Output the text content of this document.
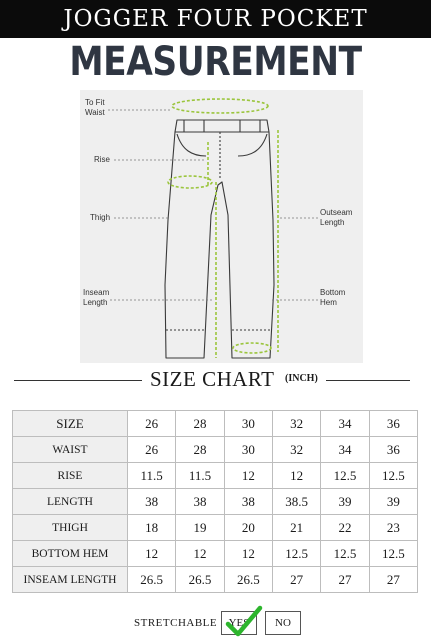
JOGGER FOUR POCKET
MEASUREMENT
To Fit
Waist
Rise
Thigh
Inseam
Length
Outseam
Length
Bottom
Hem
SIZE CHART (INCH)
SIZE	26	28	30	32	34	36
WAIST	26	28	30	32	34	36
RISE	11.5	11.5	12	12	12.5	12.5
LENGTH	38	38	38	38.5	39	39
THIGH	18	19	20	21	22	23
BOTTOM HEM	12	12	12	12.5	12.5	12.5
INSEAM LENGTH	26.5	26.5	26.5	27	27	27
STRETCHABLE YES NO
